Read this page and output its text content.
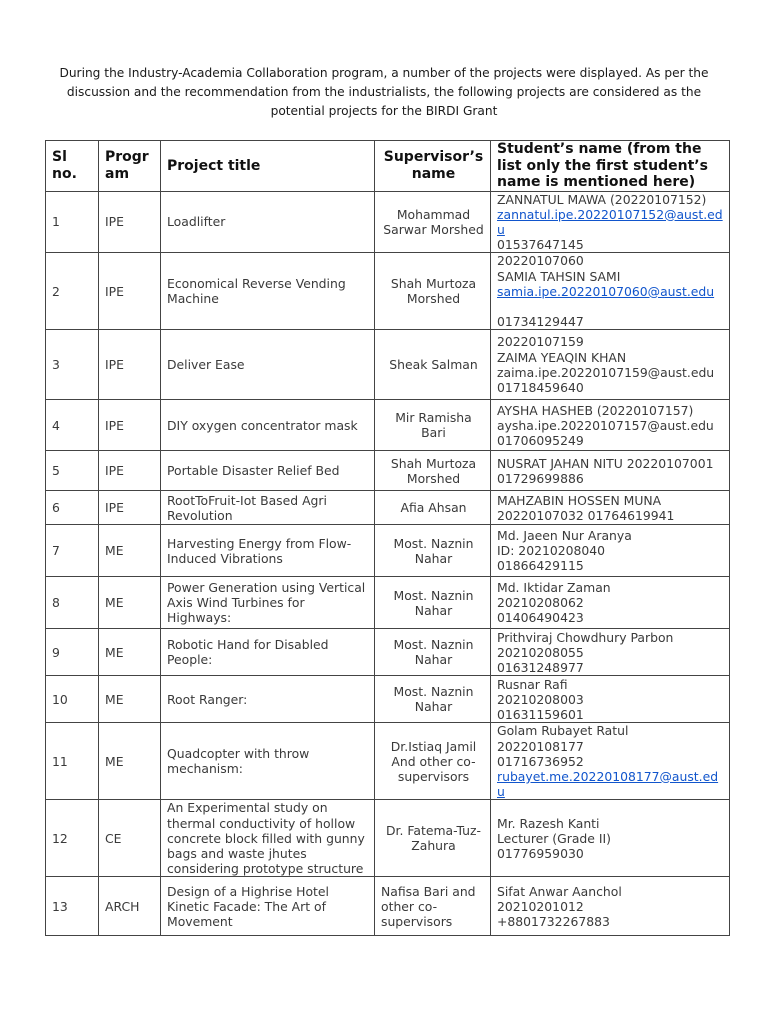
During the Industry-Academia Collaboration program, a number of the projects were displayed. As per the discussion and the recommendation from the industrialists, the following projects are considered as the potential projects for the BIRDI Grant
Sl no.	Progr am	Project title	Supervisor’s name	Student’s name (from the list only the first student’s name is mentioned here)
1	IPE	Loadlifter	Mohammad Sarwar Morshed	ZANNATUL MAWA (20220107152)
zannatul.ipe.20220107152@aust.edu
01537647145

2	IPE	Economical Reverse Vending Machine	Shah Murtoza Morshed	20220107060
SAMIA TAHSIN SAMI
samia.ipe.20220107060@aust.edu
01734129447

3	IPE	Deliver Ease	Sheak Salman	20220107159
ZAIMA YEAQIN KHAN
zaima.ipe.20220107159@aust.edu
01718459640

4	IPE	DIY oxygen concentrator mask	Mir Ramisha Bari	AYSHA HASHEB (20220107157)
aysha.ipe.20220107157@aust.edu
01706095249

5	IPE	Portable Disaster Relief Bed	Shah Murtoza Morshed	NUSRAT JAHAN NITU 20220107001
01729699886

6	IPE	RootToFruit-Iot Based Agri Revolution	Afia Ahsan	MAHZABIN HOSSEN MUNA
20220107032 01764619941

7	ME	Harvesting Energy from Flow-Induced Vibrations	Most. Naznin Nahar	Md. Jaeen Nur Aranya
ID: 20210208040
01866429115

8	ME	Power Generation using Vertical Axis Wind Turbines for Highways:	Most. Naznin Nahar	Md. Iktidar Zaman
20210208062
01406490423

9	ME	Robotic Hand for Disabled People:	Most. Naznin Nahar	Prithviraj Chowdhury Parbon
20210208055
01631248977

10	ME	Root Ranger:	Most. Naznin Nahar	Rusnar Rafi
20210208003
01631159601

11	ME	Quadcopter with throw mechanism:	Dr.Istiaq Jamil And other co-supervisors	Golam Rubayet Ratul
20220108177
01716736952
rubayet.me.20220108177@aust.edu

12	CE	An Experimental study on thermal conductivity of hollow concrete block filled with gunny bags and waste jhutes considering prototype structure	Dr. Fatema-Tuz-Zahura	Mr. Razesh Kanti
Lecturer (Grade II)
01776959030

13	ARCH	Design of a Highrise Hotel Kinetic Facade: The Art of Movement	Nafisa Bari and other co-supervisors	Sifat Anwar Aanchol
20210201012
+8801732267883
